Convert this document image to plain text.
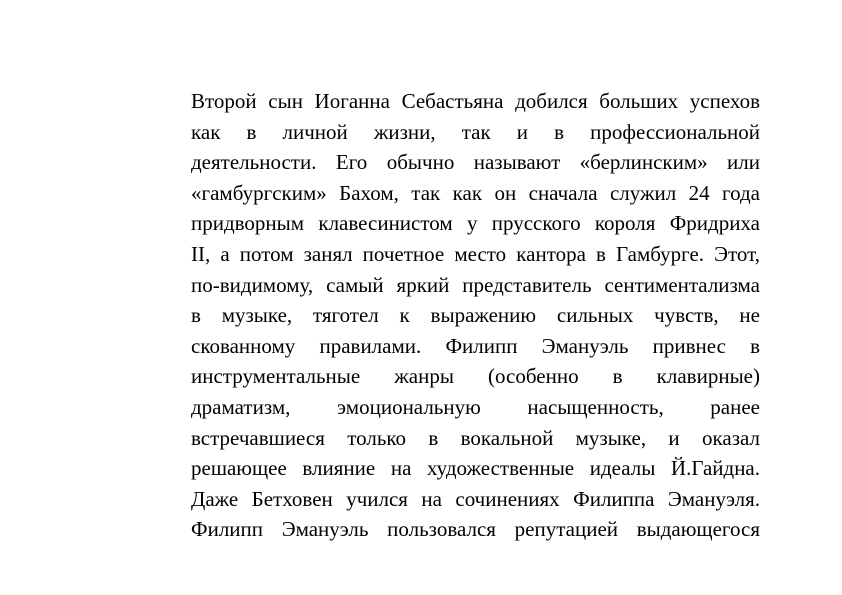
Второй сын Иоганна Себастьяна добился больших успехов
как в личной жизни, так и в профессиональной
деятельности. Его обычно называют «берлинским» или
«гамбургским» Бахом, так как он сначала служил 24 года
придворным клавесинистом у прусского короля Фридриха
II, а потом занял почетное место кантора в Гамбурге. Этот,
по-видимому, самый яркий представитель сентиментализма
в музыке, тяготел к выражению сильных чувств, не
скованному правилами. Филипп Эмануэль привнес в
инструментальные жанры (особенно в клавирные)
драматизм, эмоциональную насыщенность, ранее
встречавшиеся только в вокальной музыке, и оказал
решающее влияние на художественные идеалы Й.Гайдна.
Даже Бетховен учился на сочинениях Филиппа Эмануэля.
Филипп Эмануэль пользовался репутацией выдающегося
